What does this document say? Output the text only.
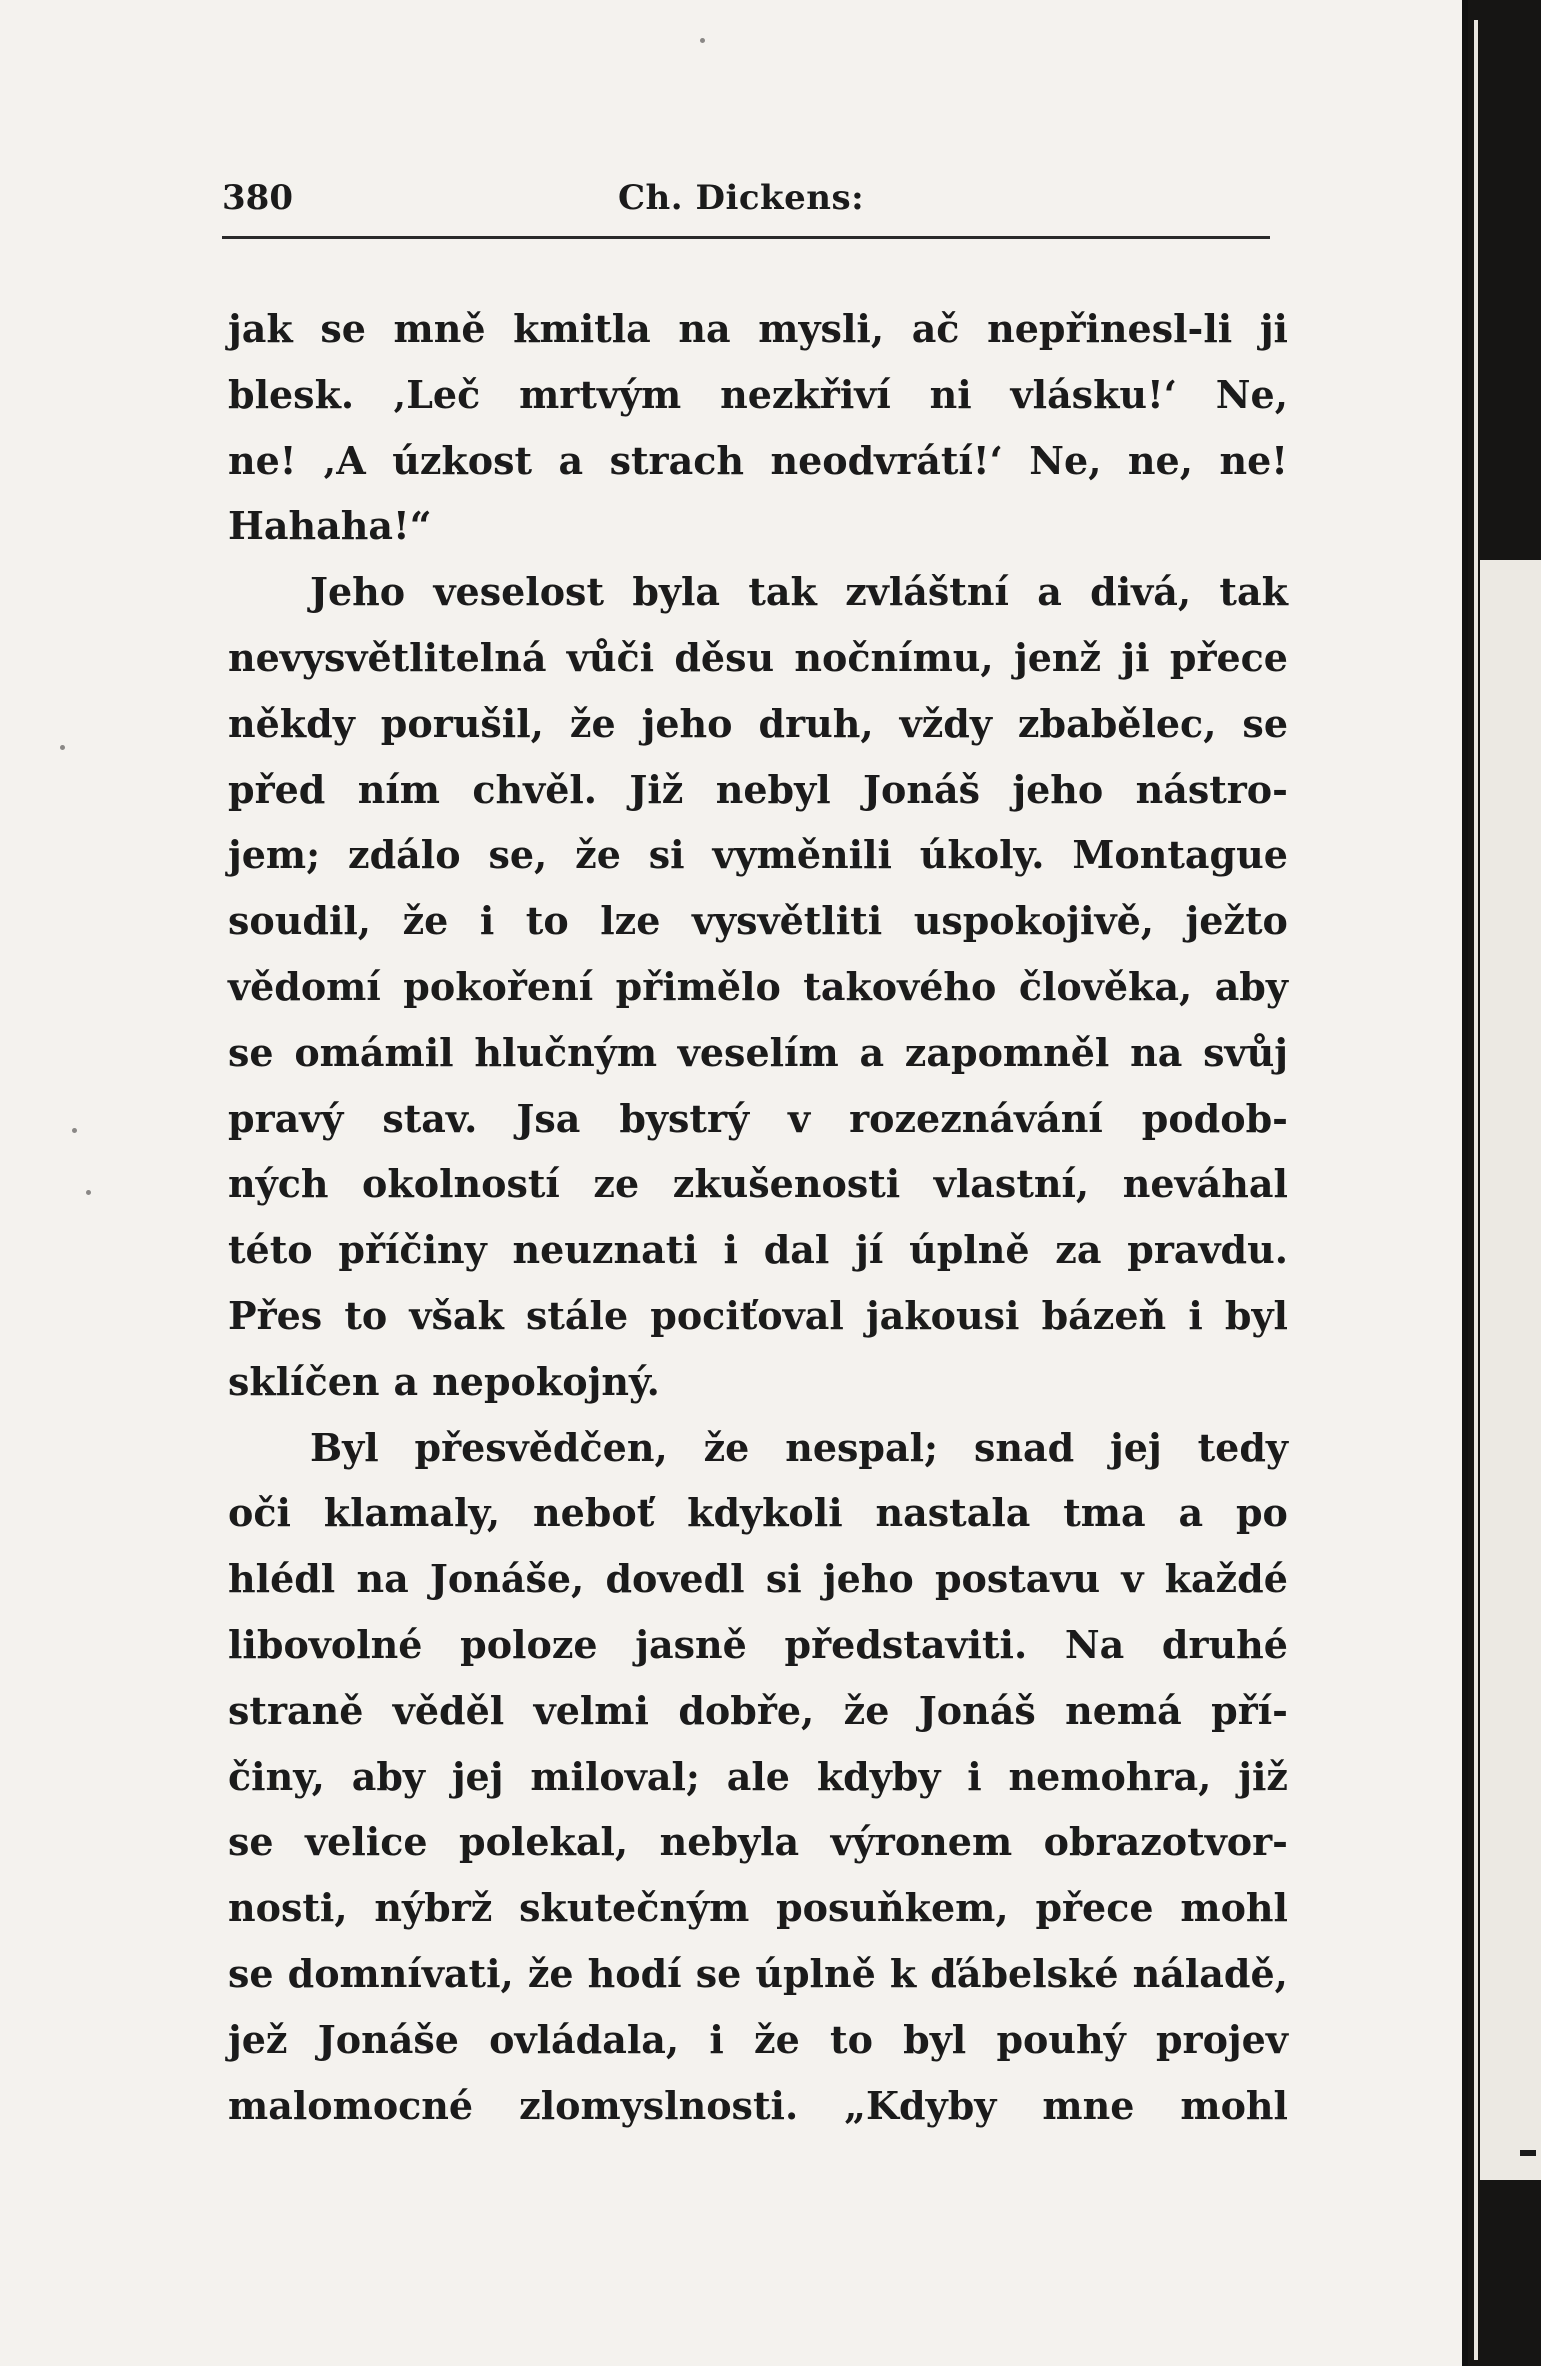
380	Ch. Dickens:
jak se mně kmitla na mysli, ač nepřinesl-li ji
blesk. ‚Leč mrtvým nezkřiví ni vlásku!‘ Ne,
ne! ‚A úzkost a strach neodvrátí!‘ Ne, ne, ne!
Hahaha!“
Jeho veselost byla tak zvláštní a divá, tak
nevysvětlitelná vůči děsu nočnímu, jenž ji přece
někdy porušil, že jeho druh, vždy zbabělec, se
před ním chvěl. Již nebyl Jonáš jeho nástro-
jem; zdálo se, že si vyměnili úkoly. Montague
soudil, že i to lze vysvětliti uspokojivě, ježto
vědomí pokoření přimělo takového člověka, aby
se omámil hlučným veselím a zapomněl na svůj
pravý stav. Jsa bystrý v rozeznávání podob-
ných okolností ze zkušenosti vlastní, neváhal
této příčiny neuznati i dal jí úplně za pravdu.
Přes to však stále pociťoval jakousi bázeň i byl
sklíčen a nepokojný.
Byl přesvědčen, že nespal; snad jej tedy
oči klamaly, neboť kdykoli nastala tma a po
hlédl na Jonáše, dovedl si jeho postavu v každé
libovolné poloze jasně představiti. Na druhé
straně věděl velmi dobře, že Jonáš nemá pří-
činy, aby jej miloval; ale kdyby i nemohra, již
se velice polekal, nebyla výronem obrazotvor-
nosti, nýbrž skutečným posuňkem, přece mohl
se domnívati, že hodí se úplně k ďábelské náladě,
jež Jonáše ovládala, i že to byl pouhý projev
malomocné zlomyslnosti. „Kdyby mne mohl
